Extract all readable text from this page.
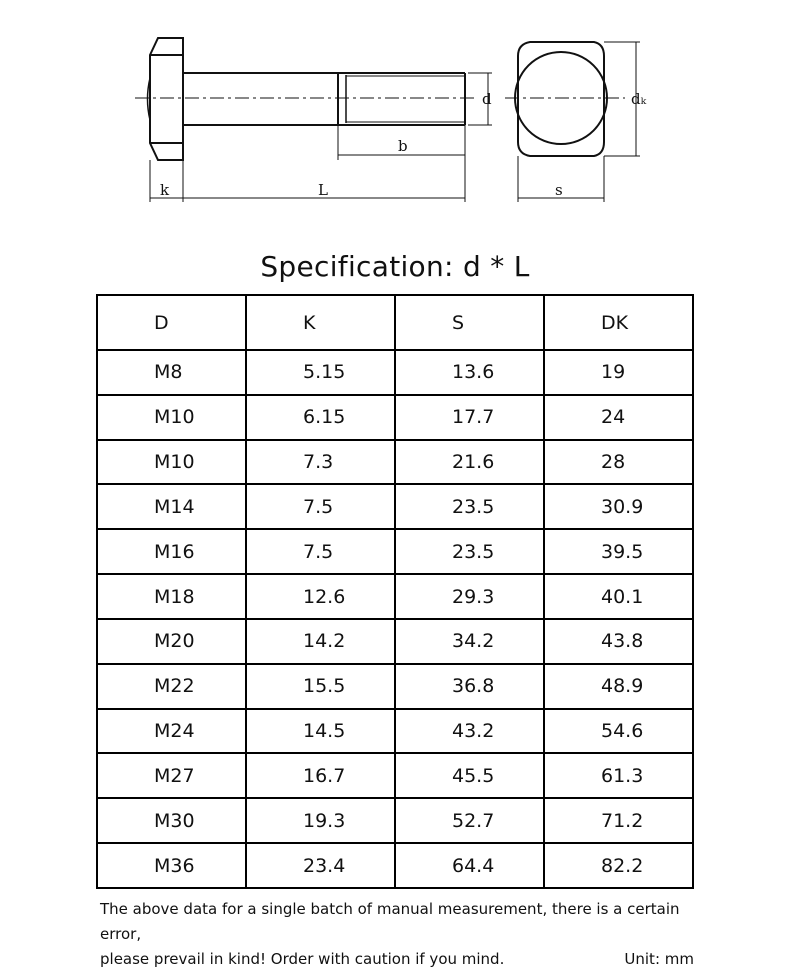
k	L
b
d	dₖ
s
Specification: d * L
D	K	S	DK
M8	5.15	13.6	19
M10	6.15	17.7	24
M10	7.3	21.6	28
M14	7.5	23.5	30.9
M16	7.5	23.5	39.5
M18	12.6	29.3	40.1
M20	14.2	34.2	43.8
M22	15.5	36.8	48.9
M24	14.5	43.2	54.6
M27	16.7	45.5	61.3
M30	19.3	52.7	71.2
M36	23.4	64.4	82.2
The above data for a single batch of manual measurement, there is a certain error,
please prevail in kind! Order with caution if you mind.	Unit: mm
